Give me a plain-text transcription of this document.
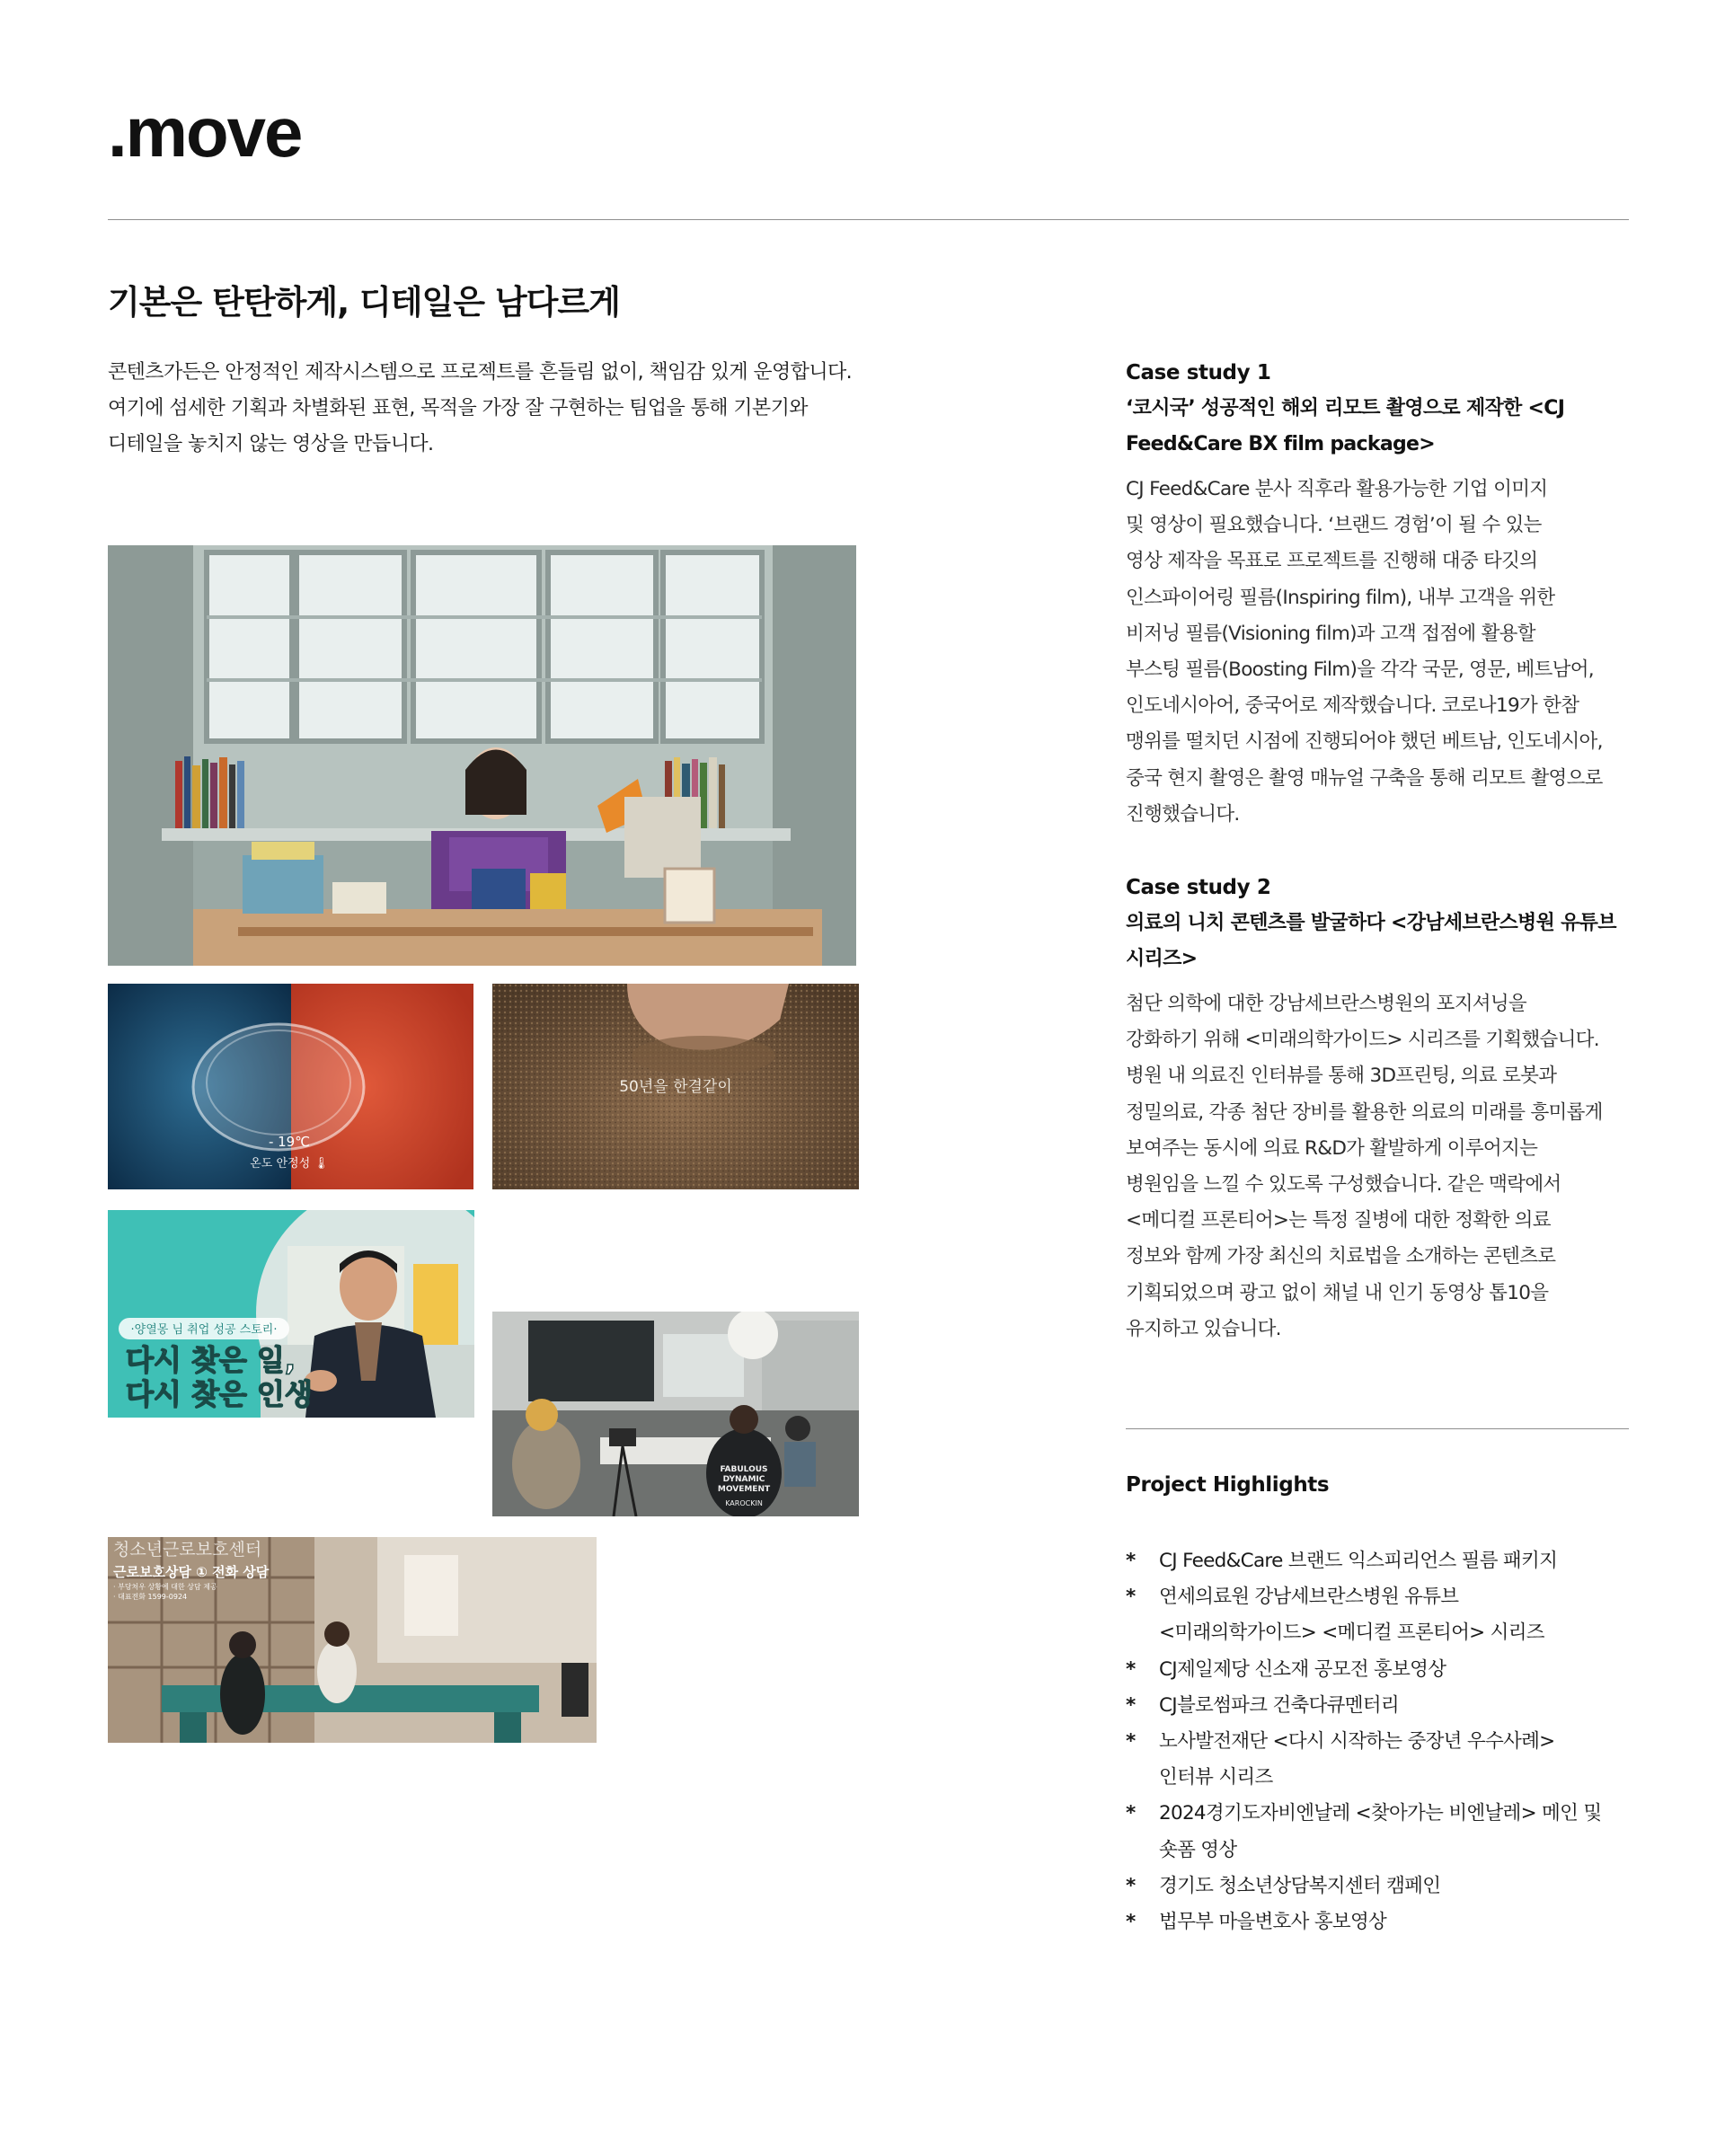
.move
기본은 탄탄하게, 디테일은 남다르게

콘텐츠가든은 안정적인 제작시스템으로 프로젝트를 흔들림 없이, 책임감 있게 운영합니다.

여기에 섬세한 기획과 차별화된 표현, 목적을 가장 잘 구현하는 팀업을 통해 기본기와

디테일을 놓치지 않는 영상을 만듭니다.

- 19℃
온도 안정성 🌡
50년을 한결같이
·양열몽 님 취업 성공 스토리·
다시 찾은 일,
다시 찾은 인생
FABULOUS
DYNAMIC
MOVEMENT
KAROCKIN
청소년근로보호센터
근로보호상담 ① 전화 상담
· 부당처우 상황에 대한 상담 제공
· 대표전화 1599-0924

Case study 1

‘코시국’ 성공적인 해외 리모트 촬영으로 제작한 <CJ

Feed&Care BX film package>

CJ Feed&Care 분사 직후라 활용가능한 기업 이미지
및 영상이 필요했습니다. ‘브랜드 경험’이 될 수 있는
영상 제작을 목표로 프로젝트를 진행해 대중 타깃의
인스파이어링 필름(Inspiring film), 내부 고객을 위한
비저닝 필름(Visioning film)과 고객 접점에 활용할
부스팅 필름(Boosting Film)을 각각 국문, 영문, 베트남어,
인도네시아어, 중국어로 제작했습니다. 코로나19가 한참
맹위를 떨치던 시점에 진행되어야 했던 베트남, 인도네시아,
중국 현지 촬영은 촬영 매뉴얼 구축을 통해 리모트 촬영으로
진행했습니다.

Case study 2

의료의 니치 콘텐츠를 발굴하다 <강남세브란스병원 유튜브

시리즈>

첨단 의학에 대한 강남세브란스병원의 포지셔닝을
강화하기 위해 <미래의학가이드> 시리즈를 기획했습니다.
병원 내 의료진 인터뷰를 통해 3D프린팅, 의료 로봇과
정밀의료, 각종 첨단 장비를 활용한 의료의 미래를 흥미롭게
보여주는 동시에 의료 R&D가 활발하게 이루어지는
병원임을 느낄 수 있도록 구성했습니다. 같은 맥락에서
<메디컬 프론티어>는 특정 질병에 대한 정확한 의료
정보와 함께 가장 최신의 치료법을 소개하는 콘텐츠로
기획되었으며 광고 없이 채널 내 인기 동영상 톱10을
유지하고 있습니다.

Project Highlights
* CJ Feed&Care 브랜드 익스피리언스 필름 패키지
* 연세의료원 강남세브란스병원 유튜브
<미래의학가이드> <메디컬 프론티어> 시리즈
* CJ제일제당 신소재 공모전 홍보영상
* CJ블로썸파크 건축다큐멘터리
* 노사발전재단 <다시 시작하는 중장년 우수사례>
인터뷰 시리즈
* 2024경기도자비엔날레 <찾아가는 비엔날레> 메인 및
숏폼 영상
* 경기도 청소년상담복지센터 캠페인
* 법무부 마을변호사 홍보영상
